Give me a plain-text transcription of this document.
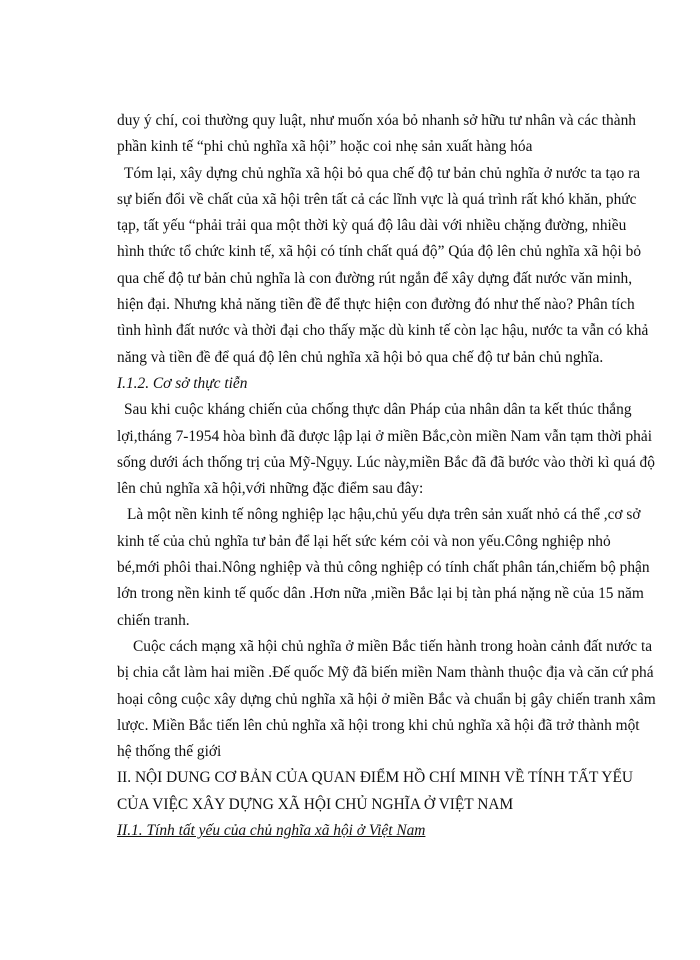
duy ý chí, coi thường quy luật, như muốn xóa bỏ nhanh sở hữu tư nhân và các thành phần kinh tế “phi chủ nghĩa xã hội” hoặc coi nhẹ sản xuất hàng hóa

Tóm lại, xây dựng chủ nghĩa xã hội bỏ qua chế độ tư bản chủ nghĩa ở nước ta tạo ra sự biến đổi về chất của xã hội trên tất cả các lĩnh vực là quá trình rất khó khăn, phức tạp, tất yếu “phải trải qua một thời kỳ quá độ lâu dài với nhiều chặng đường, nhiều hình thức tổ chức kinh tế, xã hội có tính chất quá độ” Qúa độ lên chủ nghĩa xã hội bỏ qua chế độ tư bản chủ nghĩa là con đường rút ngắn để xây dựng đất nước văn minh, hiện đại. Nhưng khả năng tiền đề để thực hiện con đường đó như thế nào? Phân tích tình hình đất nước và thời đại cho thấy mặc dù kinh tế còn lạc hậu, nước ta vẫn có khả năng và tiền đề để quá độ lên chủ nghĩa xã hội bỏ qua chế độ tư bản chủ nghĩa.

I.1.2. Cơ sở thực tiễn

Sau khi cuộc kháng chiến của chống thực dân Pháp của nhân dân ta kết thúc thắng lợi,tháng 7-1954 hòa bình đã được lập lại ở miền Bắc,còn miền Nam vẫn tạm thời phải sống dưới ách thống trị của Mỹ-Ngụy. Lúc này,miền Bắc đã đã bước vào thời kì quá độ lên chủ nghĩa xã hội,với những đặc điểm sau đây:

Là một nền kinh tế nông nghiệp lạc hậu,chủ yếu dựa trên sản xuất nhỏ cá thể ,cơ sở kinh tế của chủ nghĩa tư bản để lại hết sức kém cỏi và non yếu.Công nghiệp nhỏ bé,mới phôi thai.Nông nghiệp và thủ công nghiệp có tính chất phân tán,chiếm bộ phận lớn trong nền kinh tế quốc dân .Hơn nữa ,miền Bắc lại bị tàn phá nặng nề của 15 năm chiến tranh.

Cuộc cách mạng xã hội chủ nghĩa ở miền Bắc tiến hành trong hoàn cảnh đất nước ta bị chia cắt làm hai miền .Đế quốc Mỹ đã biến miền Nam thành thuộc địa và căn cứ phá hoại công cuộc xây dựng chủ nghĩa xã hội ở miền Bắc và chuẩn bị gây chiến tranh xâm lược. Miền Bắc tiến lên chủ nghĩa xã hội trong khi chủ nghĩa xã hội đã trở thành một hệ thống thế giới

II. NỘI DUNG CƠ BẢN CỦA QUAN ĐIỂM HỒ CHÍ MINH VỀ TÍNH TẤT YẾU CỦA VIỆC XÂY DỰNG XÃ HỘI CHỦ NGHĨA Ở VIỆT NAM

II.1. Tính tất yếu của chủ nghĩa xã hội ở Việt Nam
